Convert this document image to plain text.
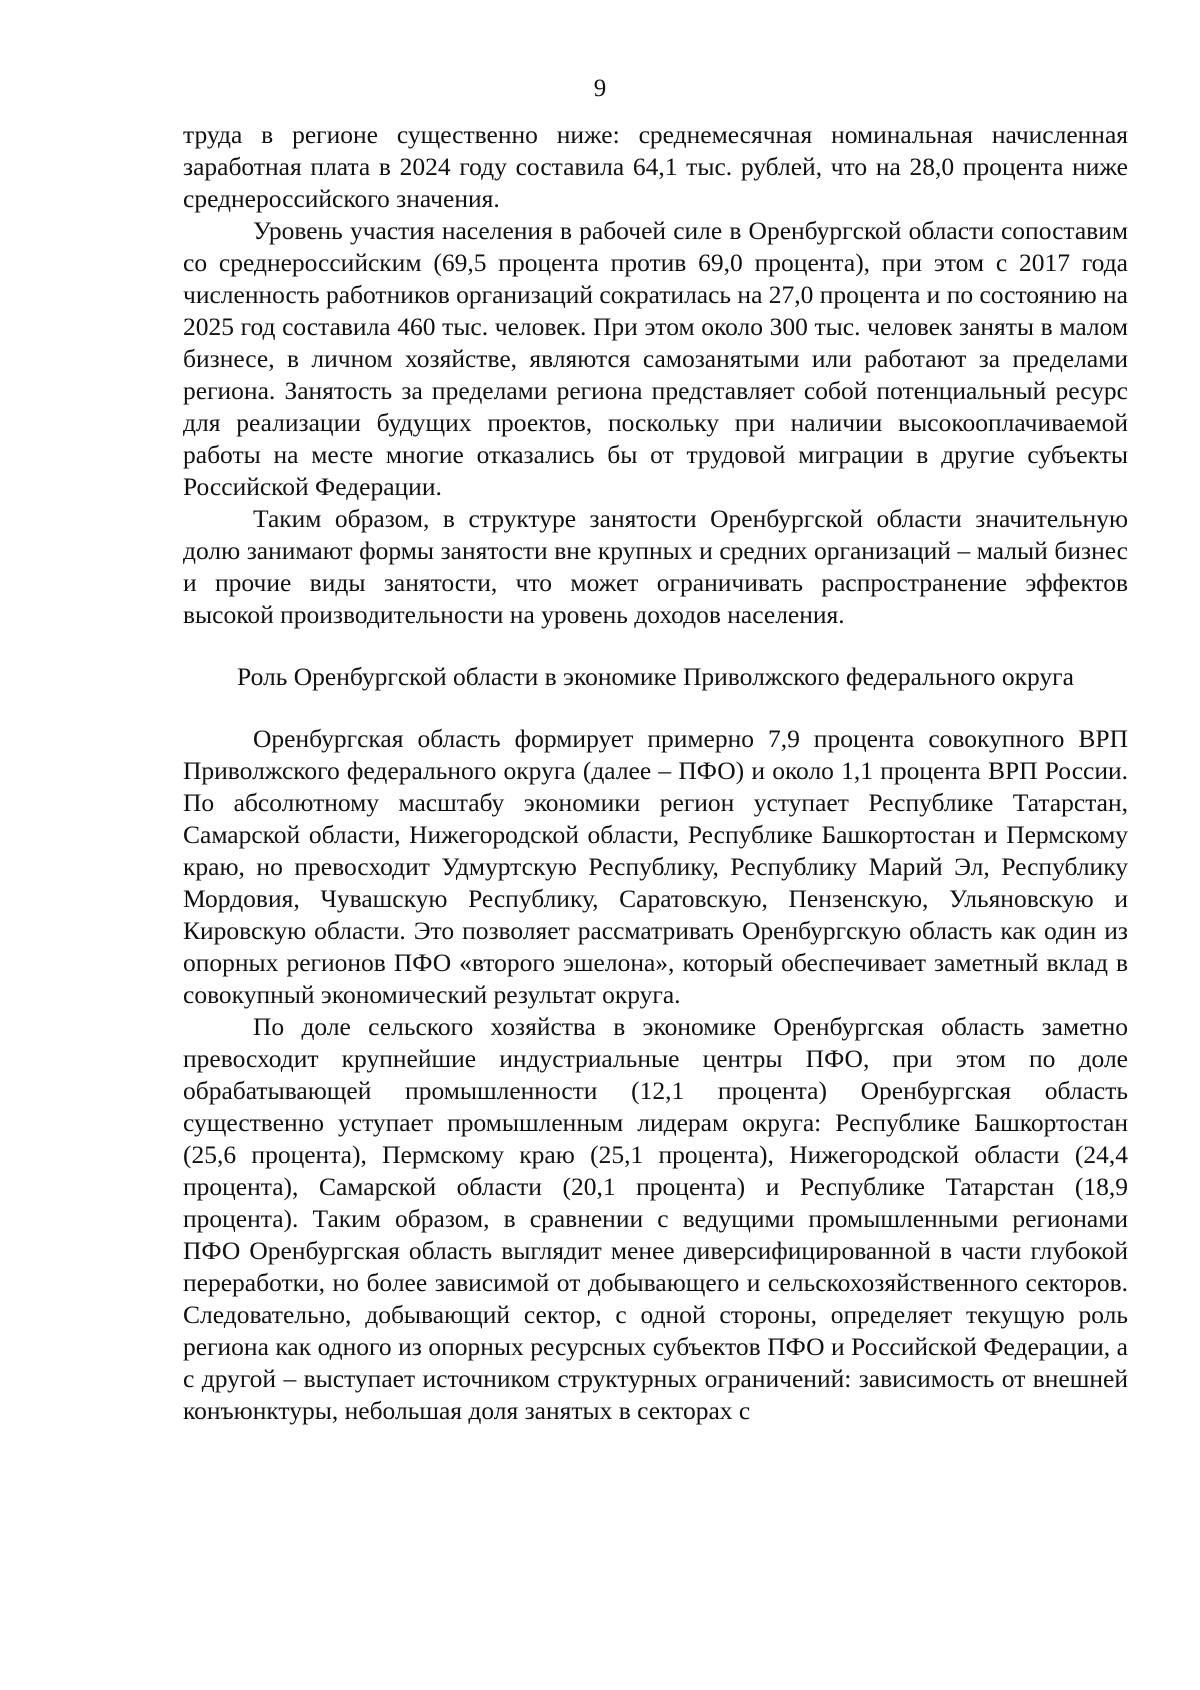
9

труда в регионе существенно ниже: среднемесячная номинальная начисленная заработная плата в 2024 году составила 64,1 тыс. рублей, что на 28,0 процента ниже среднероссийского значения.

Уровень участия населения в рабочей силе в Оренбургской области сопоставим со среднероссийским (69,5 процента против 69,0 процента), при этом с 2017 года численность работников организаций сократилась на 27,0 процента и по состоянию на 2025 год составила 460 тыс. человек. При этом около 300 тыс. человек заняты в малом бизнесе, в личном хозяйстве, являются самозанятыми или работают за пределами региона. Занятость за пределами региона представляет собой потенциальный ресурс для реализации будущих проектов, поскольку при наличии высокооплачиваемой работы на месте многие отказались бы от трудовой миграции в другие субъекты Российской Федерации.

Таким образом, в структуре занятости Оренбургской области значительную долю занимают формы занятости вне крупных и средних организаций – малый бизнес и прочие виды занятости, что может ограничивать распространение эффектов высокой производительности на уровень доходов населения.

Роль Оренбургской области в экономике Приволжского федерального округа

Оренбургская область формирует примерно 7,9 процента совокупного ВРП Приволжского федерального округа (далее – ПФО) и около 1,1 процента ВРП России. По абсолютному масштабу экономики регион уступает Республике Татарстан, Самарской области, Нижегородской области, Республике Башкортостан и Пермскому краю, но превосходит Удмуртскую Республику, Республику Марий Эл, Республику Мордовия, Чувашскую Республику, Саратовскую, Пензенскую, Ульяновскую и Кировскую области. Это позволяет рассматривать Оренбургскую область как один из опорных регионов ПФО «второго эшелона», который обеспечивает заметный вклад в совокупный экономический результат округа.

По доле сельского хозяйства в экономике Оренбургская область заметно превосходит крупнейшие индустриальные центры ПФО, при этом по доле обрабатывающей промышленности (12,1 процента) Оренбургская область существенно уступает промышленным лидерам округа: Республике Башкортостан (25,6 процента), Пермскому краю (25,1 процента), Нижегородской области (24,4 процента), Самарской области (20,1 процента) и Республике Татарстан (18,9 процента). Таким образом, в сравнении с ведущими промышленными регионами ПФО Оренбургская область выглядит менее диверсифицированной в части глубокой переработки, но более зависимой от добывающего и сельскохозяйственного секторов. Следовательно, добывающий сектор, с одной стороны, определяет текущую роль региона как одного из опорных ресурсных субъектов ПФО и Российской Федерации, а с другой – выступает источником структурных ограничений: зависимость от внешней конъюнктуры, небольшая доля занятых в секторах с
